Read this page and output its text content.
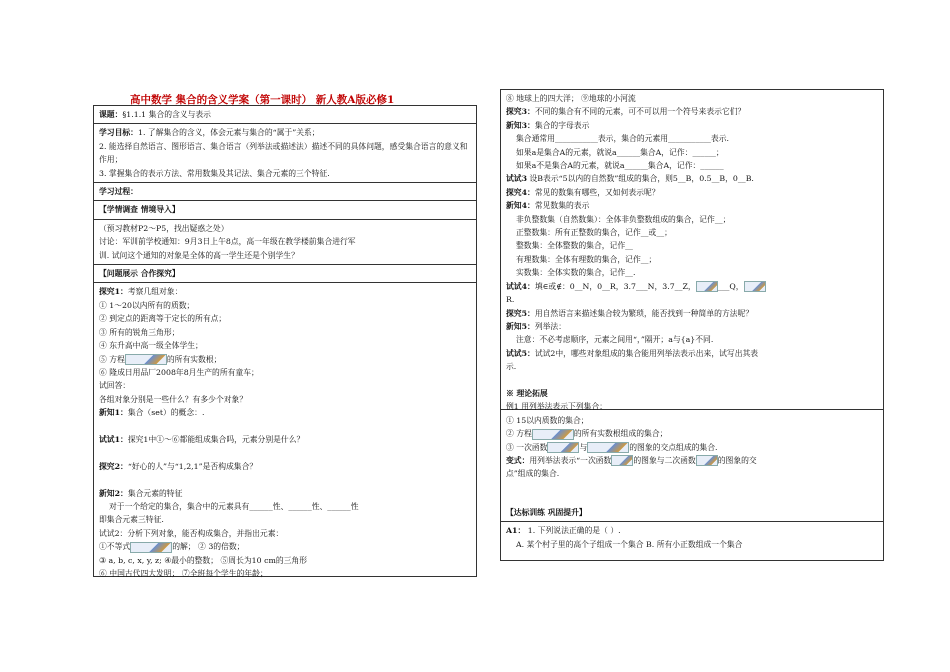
高中数学 集合的含义学案（第一课时） 新人教A版必修1
课题：§1.1.1 集合的含义与表示
学习目标：1. 了解集合的含义，体会元素与集合的“属于”关系；
2. 能选择自然语言、图形语言、集合语言（列举法或描述法）描述不同的具体问题，感受集合语言的意义和作用；
3. 掌握集合的表示方法、常用数集及其记法、集合元素的三个特征.
学习过程：
【学情调查 情境导入】
（预习教材P2～P5，找出疑惑之处）
讨论：军训前学校通知：9月3日上午8点，高一年级在教学楼前集合进行军
训. 试问这个通知的对象是全体的高一学生还是个别学生？
【问题展示 合作探究】
探究1：考察几组对象：
① 1～20以内所有的质数；
② 到定点的距离等于定长的所有点；
③ 所有的锐角三角形；
④ 东升高中高一级全体学生；
⑤ 方程	的所有实数根；
⑥ 隆成日用品厂2008年8月生产的所有童车；
试回答：
各组对象分别是一些什么？有多少个对象？
新知1：集合（set）的概念：.

试试1：探究1中①～⑥都能组成集合吗，元素分别是什么？

探究2：“好心的人”与“1,2,1”是否构成集合？

新知2：集合元素的特征
对于一个给定的集合，集合中的元素具有______性、______性、______性
即集合元素三特征.
试试2：分析下列对象，能否构成集合，并指出元素：
①不等式	的解； ② 3的倍数；
③ a, b, c, x, y, z; ④最小的整数； ⑤周长为10 cm的三角形
⑥ 中国古代四大发明； ⑦全班每个学生的年龄；
⑧ 地球上的四大洋； ⑨地球的小河流
探究3：不同的集合有不同的元素，可不可以用一个符号来表示它们？
新知3：集合的字母表示
集合通常用___________表示，集合的元素用___________表示.
如果a是集合A的元素，就说a______集合A，记作：______；
如果a不是集合A的元素，就说a______集合A，记作：______
试试3 设B表示“5以内的自然数”组成的集合，则5__B，0.5__B，0__B.
探究4：常见的数集有哪些，又如何表示呢？
新知4：常见数集的表示
非负整数集（自然数集）：全体非负整数组成的集合，记作__；
正整数集：所有正整数的集合，记作__或__；
整数集：全体整数的集合，记作__
有理数集：全体有理数的集合，记作__；
实数集：全体实数的集合，记作__.
试试4：填∈或∉：0__N，0__R，3.7___N，3.7__Z，	___Q，
R.
探究5：用自然语言来描述集合较为繁琐，能否找到一种简单的方法呢？
新知5：列举法：
注意：不必考虑顺序，元素之间用“，”隔开；a与{a}不同.
试试5：试试2中，哪些对象组成的集合能用列举法表示出来，试写出其表
示.

※ 理论拓展
例1 用列举法表示下列集合：
① 15以内质数的集合；
② 方程	的所有实数根组成的集合；
③ 一次函数	与	的图象的交点组成的集合.
变式：用列举法表示“一次函数	的图象与二次函数	的图象的交
点”组成的集合.
【达标训练 巩固提升】
A1： 1. 下列说法正确的是（ ）.
A. 某个村子里的高个子组成一个集合 B. 所有小正数组成一个集合
